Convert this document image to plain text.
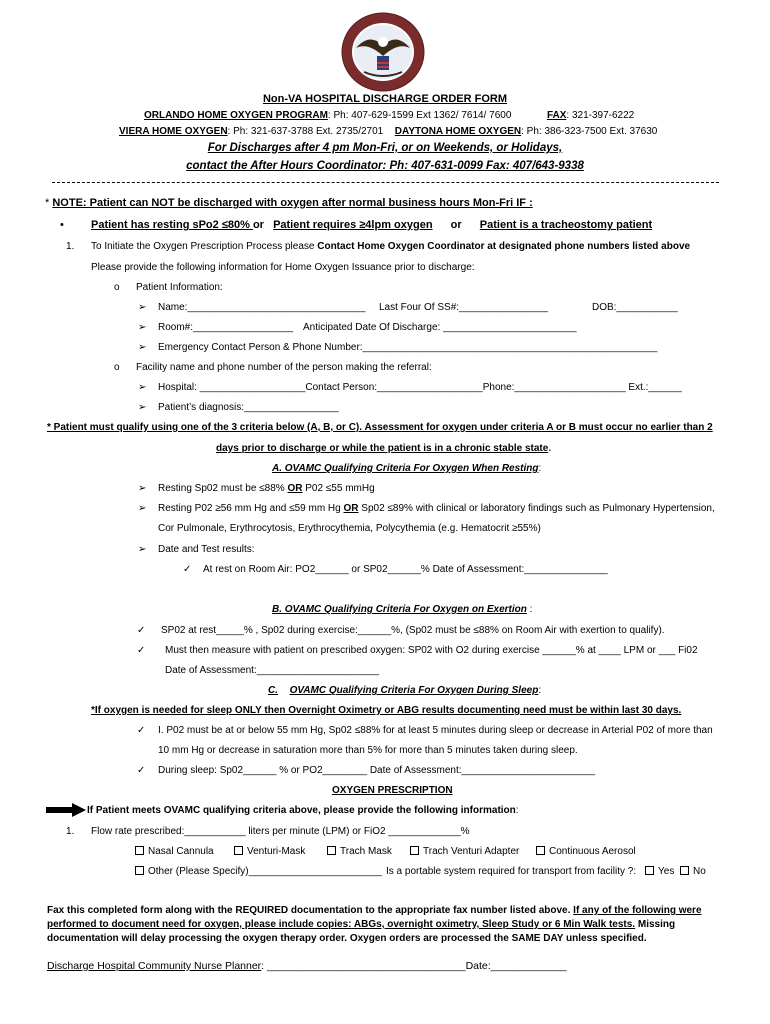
Non-VA HOSPITAL DISCHARGE ORDER FORM
ORLANDO HOME OXYGEN PROGRAM: Ph: 407-629-1599 Ext 1362/ 7614/ 7600	FAX: 321-397-6222
VIERA HOME OXYGEN: Ph: 321-637-3788 Ext. 2735/2701 DAYTONA HOME OXYGEN: Ph: 386-323-7500 Ext. 37630
For Discharges after 4 pm Mon-Fri, or on Weekends, or Holidays,
contact the After Hours Coordinator: Ph: 407-631-0099 Fax: 407/643-9338
* NOTE: Patient can NOT be discharged with oxygen after normal business hours Mon-Fri IF :
• Patient has resting sPo2 ≤80% or Patient requires ≥4lpm oxygen or Patient is a tracheostomy patient
1. To Initiate the Oxygen Prescription Process please Contact Home Oxygen Coordinator at designated phone numbers listed above
Please provide the following information for Home Oxygen Issuance prior to discharge:
o Patient Information:
➢ Name:________________________________ Last Four Of SS#:________________	DOB:___________
➢ Room#:__________________ Anticipated Date Of Discharge: ________________________
➢ Emergency Contact Person & Phone Number:_____________________________________________________
o Facility name and phone number of the person making the referral:
➢ Hospital: ___________________Contact Person:___________________Phone:____________________ Ext.:______
➢ Patient’s diagnosis:_________________
* Patient must qualify using one of the 3 criteria below (A, B, or C). Assessment for oxygen under criteria A or B must occur no earlier than 2
days prior to discharge or while the patient is in a chronic stable state.
A. OVAMC Qualifying Criteria For Oxygen When Resting:
➢ Resting Sp02 must be ≤88% OR P02 ≤55 mmHg
➢ Resting P02 ≥56 mm Hg and ≤59 mm Hg OR Sp02 ≤89% with clinical or laboratory findings such as Pulmonary Hypertension,
Cor Pulmonale, Erythrocytosis, Erythrocythemia, Polycythemia (e.g. Hematocrit ≥55%)
➢ Date and Test results:
✓ At rest on Room Air: PO2______ or SP02______% Date of Assessment:_______________
B. OVAMC Qualifying Criteria For Oxygen on Exertion :
✓ SP02 at rest_____% , Sp02 during exercise:______%, (Sp02 must be ≤88% on Room Air with exertion to qualify).
✓ Must then measure with patient on prescribed oxygen: SP02 with O2 during exercise ______% at ____ LPM or ___ Fi02
Date of Assessment:______________________
C. OVAMC Qualifying Criteria For Oxygen During Sleep:
*If oxygen is needed for sleep ONLY then Overnight Oximetry or ABG results documenting need must be within last 30 days.
✓ I. P02 must be at or below 55 mm Hg, Sp02 ≤88% for at least 5 minutes during sleep or decrease in Arterial P02 of more than
10 mm Hg or decrease in saturation more than 5% for more than 5 minutes taken during sleep.
✓ During sleep: Sp02______ % or PO2________ Date of Assessment:________________________
OXYGEN PRESCRIPTION
If Patient meets OVAMC qualifying criteria above, please provide the following information:
1. Flow rate prescribed:___________ liters per minute (LPM) or FiO2 _____________%
Nasal Cannula	Venturi-Mask	Trach Mask	Trach Venturi Adapter	Continuous Aerosol
Other (Please Specify)________________________ Is a portable system required for transport from facility ?:	Yes	No
Fax this completed form along with the REQUIRED documentation to the appropriate fax number listed above. If any of the following were
performed to document need for oxygen, please include copies: ABGs, overnight oximetry, Sleep Study or 6 Min Walk tests. Missing
documentation will delay processing the oxygen therapy order. Oxygen orders are processed the SAME DAY unless specified.
Discharge Hospital Community Nurse Planner: __________________________________Date:_____________
